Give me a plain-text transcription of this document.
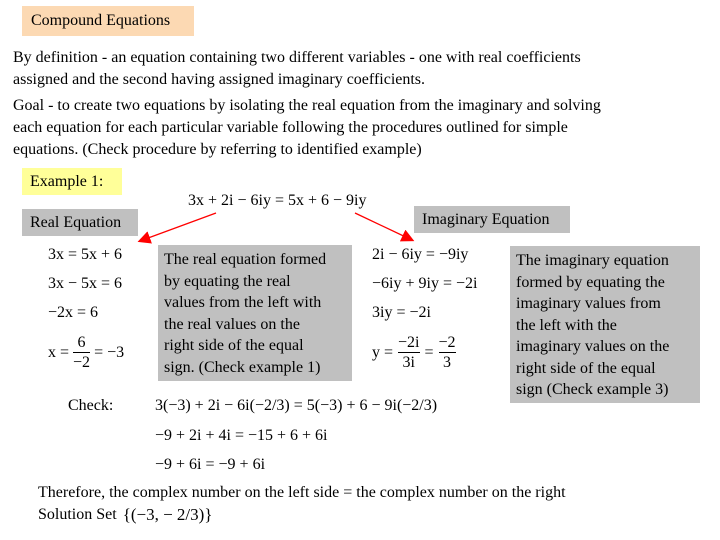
Compound Equations
By definition - an equation containing two different variables - one with real coefficients
assigned and the second having assigned imaginary coefficients.
Goal - to create two equations by isolating the real equation from the imaginary and solving
each equation for each particular variable following the procedures outlined for simple
equations. (Check procedure by referring to identified example)
Example 1:
3x + 2i − 6iy = 5x + 6 − 9iy
Real Equation	Imaginary Equation
3x = 5x + 6
3x − 5x = 6
−2x = 6
$x = \frac{6}{-2} = -3$
The real equation formed
by equating the real
values from the left with
the real values on the
right side of the equal
sign. (Check example 1)
2i − 6iy = −9iy
−6iy + 9iy = −2i
3iy = −2i
$y = \frac{-2i}{3i} = \frac{-2}{3}$
The imaginary equation
formed by equating the
imaginary values from
the left with the
imaginary values on the
right side of the equal
sign (Check example 3)
Check:	3(−3) + 2i − 6i(−2/3) = 5(−3) + 6 − 9i(−2/3)
−9 + 2i + 4i = −15 + 6 + 6i
−9 + 6i = −9 + 6i
Therefore, the complex number on the left side = the complex number on the right
Solution Set {(−3, − 2/3)}
